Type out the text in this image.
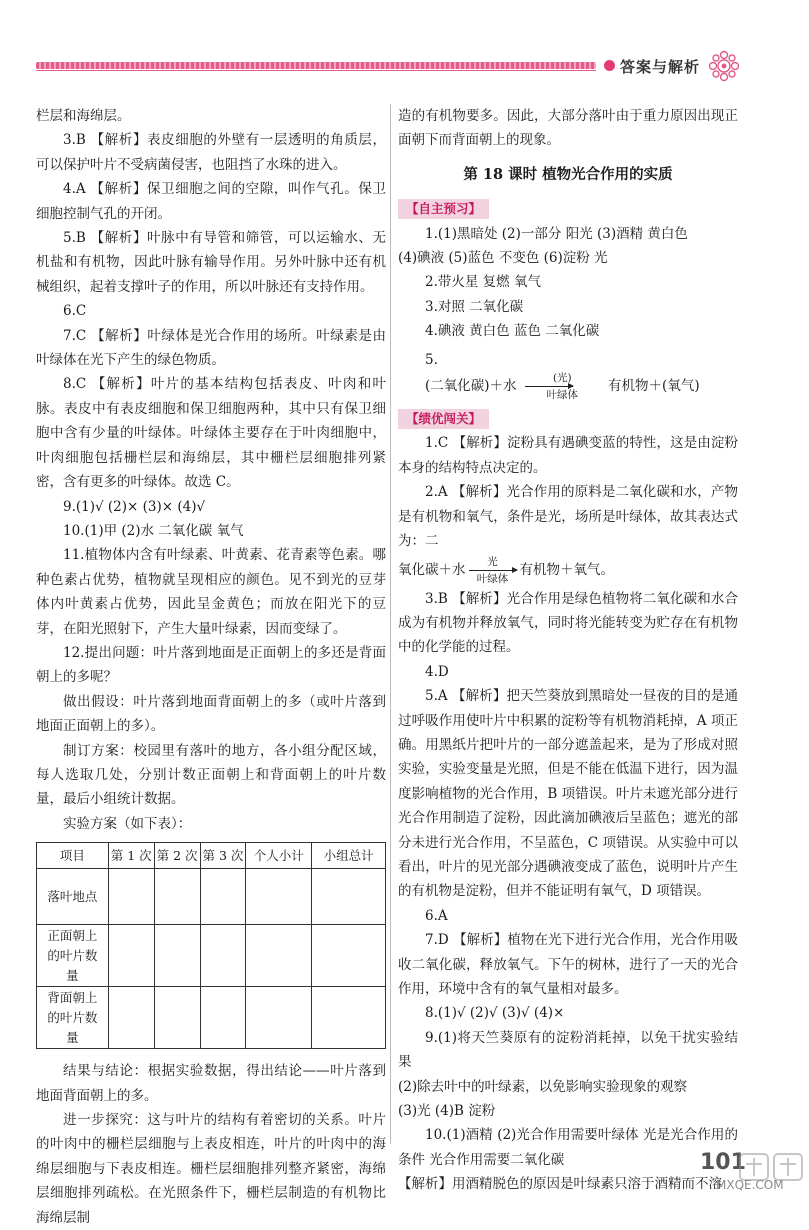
答案与解析
栏层和海绵层。
3.B 【解析】表皮细胞的外壁有一层透明的角质层，可以保护叶片不受病菌侵害，也阻挡了水珠的进入。
4.A 【解析】保卫细胞之间的空隙，叫作气孔。保卫细胞控制气孔的开闭。
5.B 【解析】叶脉中有导管和筛管，可以运输水、无机盐和有机物，因此叶脉有输导作用。另外叶脉中还有机械组织，起着支撑叶子的作用，所以叶脉还有支持作用。
6.C
7.C 【解析】叶绿体是光合作用的场所。叶绿素是由叶绿体在光下产生的绿色物质。
8.C 【解析】叶片的基本结构包括表皮、叶肉和叶脉。表皮中有表皮细胞和保卫细胞两种，其中只有保卫细胞中含有少量的叶绿体。叶绿体主要存在于叶肉细胞中，叶肉细胞包括栅栏层和海绵层，其中栅栏层细胞排列紧密，含有更多的叶绿体。故选 C。
9.(1)√ (2)× (3)× (4)√
10.(1)甲 (2)水 二氧化碳 氧气
11.植物体内含有叶绿素、叶黄素、花青素等色素。哪种色素占优势，植物就呈现相应的颜色。见不到光的豆芽体内叶黄素占优势，因此呈金黄色；而放在阳光下的豆芽，在阳光照射下，产生大量叶绿素，因而变绿了。
12.提出问题：叶片落到地面是正面朝上的多还是背面朝上的多呢？
做出假设：叶片落到地面背面朝上的多（或叶片落到地面正面朝上的多）。
制订方案：校园里有落叶的地方，各小组分配区域，每人选取几处，分别计数正面朝上和背面朝上的叶片数量，最后小组统计数据。
实验方案（如下表）：
项目	第 1 次	第 2 次	第 3 次	个人小计	小组总计
落叶地点					
正面朝上的叶片数量					
背面朝上的叶片数量					
结果与结论：根据实验数据，得出结论——叶片落到地面背面朝上的多。
进一步探究：这与叶片的结构有着密切的关系。叶片的叶肉中的栅栏层细胞与上表皮相连，叶片的叶肉中的海绵层细胞与下表皮相连。栅栏层细胞排列整齐紧密，海绵层细胞排列疏松。在光照条件下，栅栏层制造的有机物比海绵层制
造的有机物要多。因此，大部分落叶由于重力原因出现正面朝下而背面朝上的现象。
第 18 课时 植物光合作用的实质
【自主预习】
1.(1)黑暗处 (2)一部分 阳光 (3)酒精 黄白色
(4)碘液 (5)蓝色 不变色 (6)淀粉 光
2.带火星 复燃 氧气
3.对照 二氧化碳
4.碘液 黄白色 蓝色 二氧化碳
5.
(二氧化碳)＋水
(光)
叶绿体
有机物＋(氧气)
【绩优闯关】
1.C 【解析】淀粉具有遇碘变蓝的特性，这是由淀粉本身的结构特点决定的。
2.A 【解析】光合作用的原料是二氧化碳和水，产物是有机物和氧气，条件是光，场所是叶绿体，故其表达式为：二
氧化碳＋水
光
叶绿体
有机物＋氧气。
3.B 【解析】光合作用是绿色植物将二氧化碳和水合成为有机物并释放氧气，同时将光能转变为贮存在有机物中的化学能的过程。
4.D
5.A 【解析】把天竺葵放到黑暗处一昼夜的目的是通过呼吸作用使叶片中积累的淀粉等有机物消耗掉，A 项正确。用黑纸片把叶片的一部分遮盖起来，是为了形成对照实验，实验变量是光照，但是不能在低温下进行，因为温度影响植物的光合作用，B 项错误。叶片未遮光部分进行光合作用制造了淀粉，因此滴加碘液后呈蓝色；遮光的部分未进行光合作用，不呈蓝色，C 项错误。从实验中可以看出，叶片的见光部分遇碘液变成了蓝色，说明叶片产生的有机物是淀粉，但并不能证明有氧气，D 项错误。
6.A
7.D 【解析】植物在光下进行光合作用，光合作用吸收二氧化碳，释放氧气。下午的树林，进行了一天的光合作用，环境中含有的氧气量相对最多。
8.(1)√ (2)√ (3)√ (4)×
9.(1)将天竺葵原有的淀粉消耗掉，以免干扰实验结果
(2)除去叶中的叶绿素，以免影响实验现象的观察
(3)光 (4)B 淀粉
10.(1)酒精 (2)光合作用需要叶绿体 光是光合作用的条件 光合作用需要二氧化碳
【解析】用酒精脱色的原因是叶绿素只溶于酒精而不溶
101
MXQE.COM
